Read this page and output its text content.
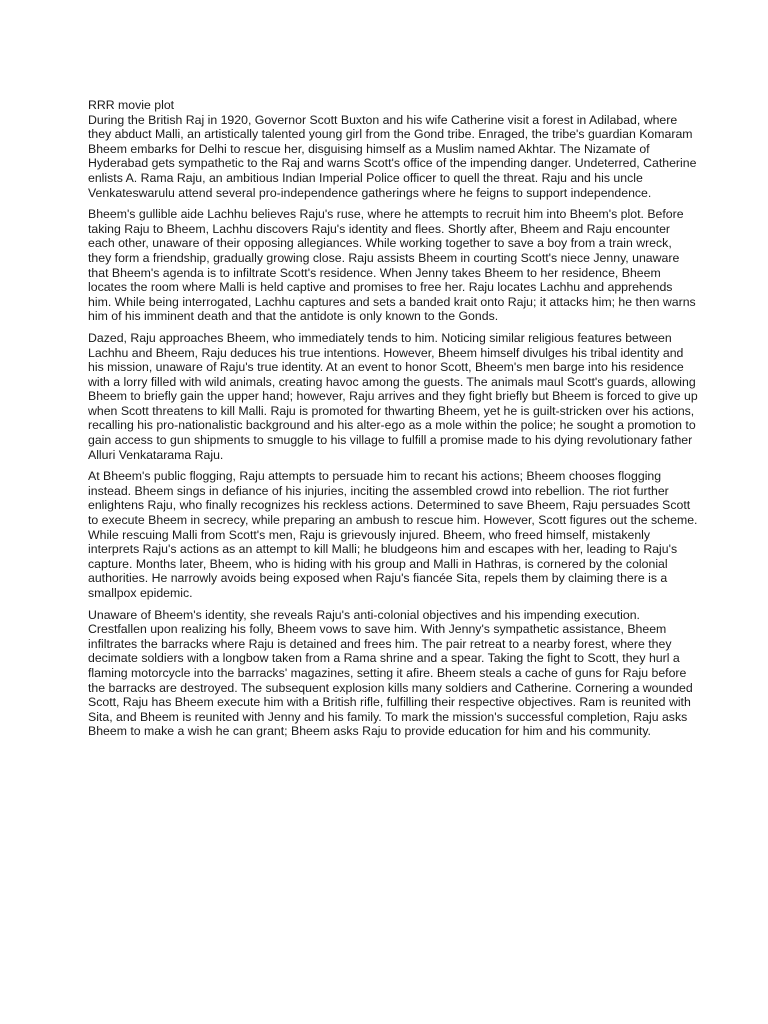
RRR movie plot

During the British Raj in 1920, Governor Scott Buxton and his wife Catherine visit a forest in Adilabad, where they abduct Malli, an artistically talented young girl from the Gond tribe. Enraged, the tribe's guardian Komaram Bheem embarks for Delhi to rescue her, disguising himself as a Muslim named Akhtar. The Nizamate of Hyderabad gets sympathetic to the Raj and warns Scott's office of the impending danger. Undeterred, Catherine enlists A. Rama Raju, an ambitious Indian Imperial Police officer to quell the threat. Raju and his uncle Venkateswarulu attend several pro-independence gatherings where he feigns to support independence.

Bheem's gullible aide Lachhu believes Raju's ruse, where he attempts to recruit him into Bheem's plot. Before taking Raju to Bheem, Lachhu discovers Raju's identity and flees. Shortly after, Bheem and Raju encounter each other, unaware of their opposing allegiances. While working together to save a boy from a train wreck, they form a friendship, gradually growing close. Raju assists Bheem in courting Scott's niece Jenny, unaware that Bheem's agenda is to infiltrate Scott's residence. When Jenny takes Bheem to her residence, Bheem locates the room where Malli is held captive and promises to free her. Raju locates Lachhu and apprehends him. While being interrogated, Lachhu captures and sets a banded krait onto Raju; it attacks him; he then warns him of his imminent death and that the antidote is only known to the Gonds.

Dazed, Raju approaches Bheem, who immediately tends to him. Noticing similar religious features between Lachhu and Bheem, Raju deduces his true intentions. However, Bheem himself divulges his tribal identity and his mission, unaware of Raju's true identity. At an event to honor Scott, Bheem's men barge into his residence with a lorry filled with wild animals, creating havoc among the guests. The animals maul Scott's guards, allowing Bheem to briefly gain the upper hand; however, Raju arrives and they fight briefly but Bheem is forced to give up when Scott threatens to kill Malli. Raju is promoted for thwarting Bheem, yet he is guilt-stricken over his actions, recalling his pro-nationalistic background and his alter-ego as a mole within the police; he sought a promotion to gain access to gun shipments to smuggle to his village to fulfill a promise made to his dying revolutionary father Alluri Venkatarama Raju.

At Bheem's public flogging, Raju attempts to persuade him to recant his actions; Bheem chooses flogging instead. Bheem sings in defiance of his injuries, inciting the assembled crowd into rebellion. The riot further enlightens Raju, who finally recognizes his reckless actions. Determined to save Bheem, Raju persuades Scott to execute Bheem in secrecy, while preparing an ambush to rescue him. However, Scott figures out the scheme. While rescuing Malli from Scott's men, Raju is grievously injured. Bheem, who freed himself, mistakenly interprets Raju's actions as an attempt to kill Malli; he bludgeons him and escapes with her, leading to Raju's capture. Months later, Bheem, who is hiding with his group and Malli in Hathras, is cornered by the colonial authorities. He narrowly avoids being exposed when Raju's fiancée Sita, repels them by claiming there is a smallpox epidemic.

Unaware of Bheem's identity, she reveals Raju's anti-colonial objectives and his impending execution. Crestfallen upon realizing his folly, Bheem vows to save him. With Jenny's sympathetic assistance, Bheem infiltrates the barracks where Raju is detained and frees him. The pair retreat to a nearby forest, where they decimate soldiers with a longbow taken from a Rama shrine and a spear. Taking the fight to Scott, they hurl a flaming motorcycle into the barracks' magazines, setting it afire. Bheem steals a cache of guns for Raju before the barracks are destroyed. The subsequent explosion kills many soldiers and Catherine. Cornering a wounded Scott, Raju has Bheem execute him with a British rifle, fulfilling their respective objectives. Ram is reunited with Sita, and Bheem is reunited with Jenny and his family. To mark the mission's successful completion, Raju asks Bheem to make a wish he can grant; Bheem asks Raju to provide education for him and his community.
